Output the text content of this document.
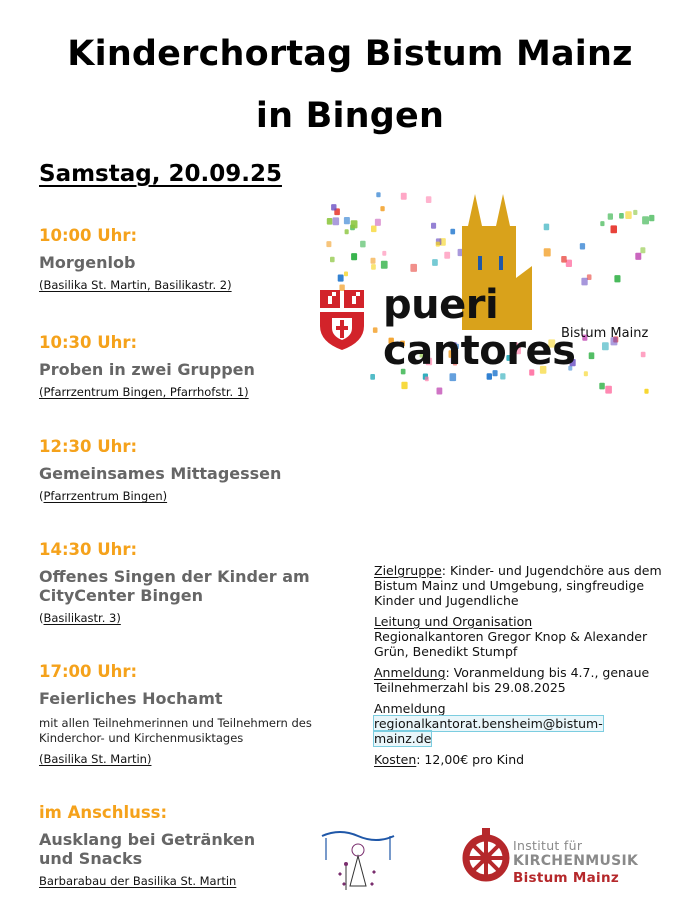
Kinderchortag Bistum Mainz
in Bingen
Samstag, 20.09.25
10:00 Uhr:
Morgenlob
(Basilika St. Martin, Basilikastr. 2)
10:30 Uhr:
Proben in zwei Gruppen
(Pfarrzentrum Bingen, Pfarrhofstr. 1)
12:30 Uhr:
Gemeinsames Mittagessen
(Pfarrzentrum Bingen)
14:30 Uhr:
Offenes Singen der Kinder am CityCenter Bingen
(Basilikastr. 3)
17:00 Uhr:
Feierliches Hochamt
mit allen Teilnehmerinnen und Teilnehmern des Kinderchor- und Kirchenmusiktages
(Basilika St. Martin)
im Anschluss:
Ausklang bei Getränken und Snacks
Barbarabau der Basilika St. Martin
Zielgruppe: Kinder- und Jugendchöre aus dem Bistum Mainz und Umgebung, singfreudige Kinder und Jugendliche
Leitung und Organisation
Regionalkantoren Gregor Knop & Alexander Grün, Benedikt Stumpf
Anmeldung: Voranmeldung bis 4.7., genaue Teilnehmerzahl bis 29.08.2025
Anmeldung
regionalkantorat.bensheim@bistum-
mainz.de
Kosten: 12,00€ pro Kind
pueri cantores
Bistum Mainz
Institut für
KIRCHENMUSIK
Bistum Mainz
